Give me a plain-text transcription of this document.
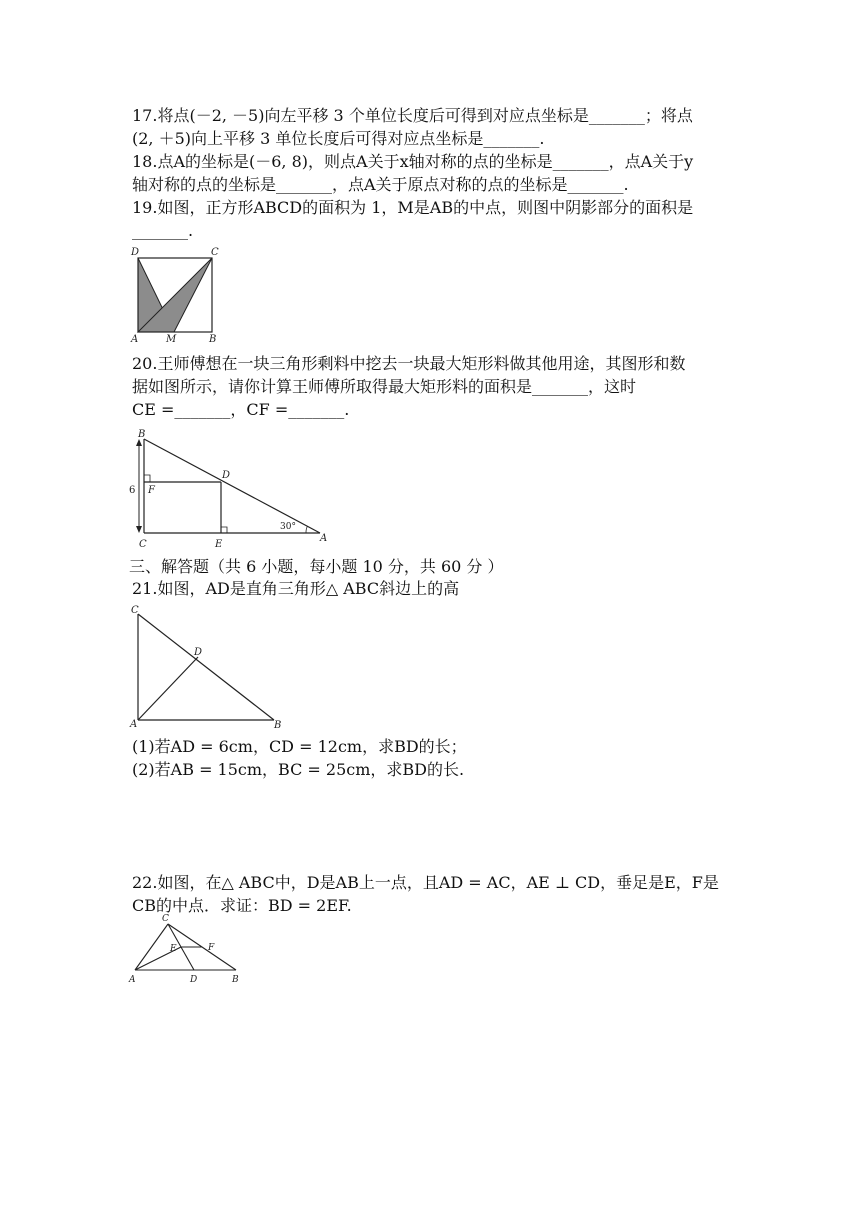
17.将点(－2, －5)向左平移 3 个单位长度后可得到对应点坐标是_______；将点
(2, ＋5)向上平移 3 单位长度后可得对应点坐标是_______.
18.点A的坐标是(－6, 8)，则点A关于x轴对称的点的坐标是_______，点A关于y
轴对称的点的坐标是_______，点A关于原点对称的点的坐标是_______.
19.如图，正方形ABCD的面积为 1，M是AB的中点，则图中阴影部分的面积是
_______.
D	C
A	M	B
20.王师傅想在一块三角形剩料中挖去一块最大矩形料做其他用途，其图形和数
据如图所示，请你计算王师傅所取得最大矩形料的面积是_______，这时
CE =_______，CF =_______.
B
D
F
6
30°
A
C	E
三、解答题（共 6 小题，每小题 10 分，共 60 分 ）
21.如图，AD是直角三角形△ ABC斜边上的高
C
D
A	B
(1)若AD = 6cm，CD = 12cm，求BD的长；
(2)若AB = 15cm，BC = 25cm，求BD的长.
22.如图，在△ ABC中，D是AB上一点，且AD = AC，AE ⊥ CD，垂足是E，F是
CB的中点．求证：BD = 2EF.
C
E	F
A	D	B
